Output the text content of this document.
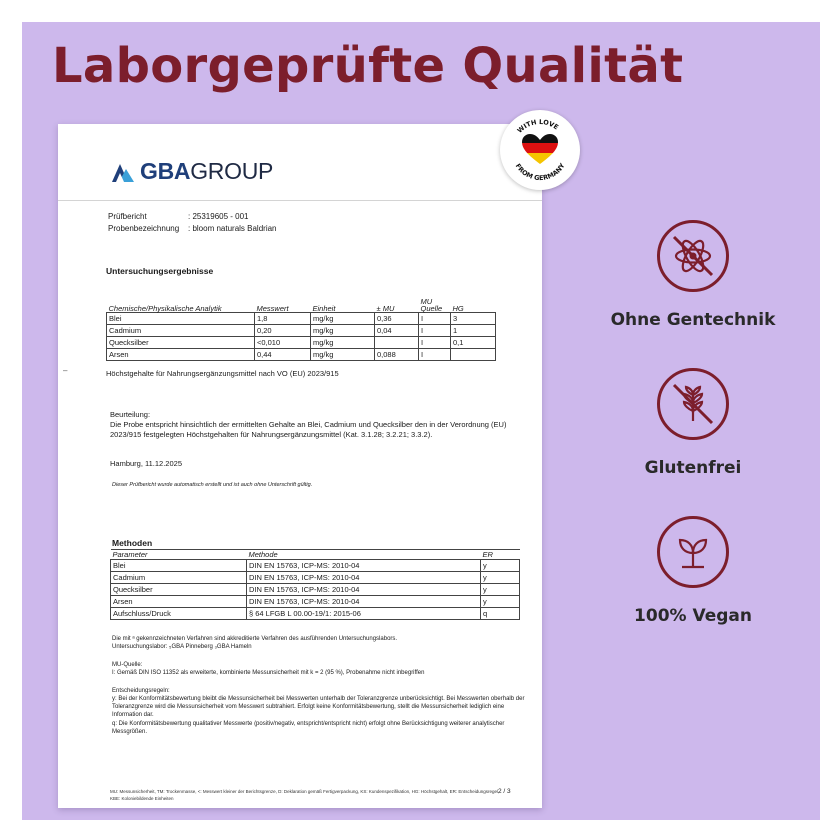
Laborgeprüfte Qualität
GBAGROUP
Prüfbericht	: 25319605 - 001
Probenbezeichnung	: bloom naturals Baldrian
Untersuchungsergebnisse
Chemische/Physikalische Analytik	Messwert	Einheit	± MU	MU Quelle	HG
Blei	1,8	mg/kg	0,36	I	3
Cadmium	0,20	mg/kg	0,04	I	1
Quecksilber	<0,010	mg/kg		I	0,1
Arsen	0,44	mg/kg	0,088	I	
–	Höchstgehalte für Nahrungsergänzungsmittel nach VO (EU) 2023/915
Beurteilung:
Die Probe entspricht hinsichtlich der ermittelten Gehalte an Blei, Cadmium und Quecksilber den in der Verordnung (EU) 2023/915 festgelegten Höchstgehalten für Nahrungsergänzungsmittel (Kat. 3.1.28; 3.2.21; 3.3.2).
Hamburg, 11.12.2025
Dieser Prüfbericht wurde automatisch erstellt und ist auch ohne Unterschrift gültig.
Methoden
Parameter	Methode	ER
Blei	DIN EN 15763, ICP-MS: 2010-04	y
Cadmium	DIN EN 15763, ICP-MS: 2010-04	y
Quecksilber	DIN EN 15763, ICP-MS: 2010-04	y
Arsen	DIN EN 15763, ICP-MS: 2010-04	y
Aufschluss/Druck	§ 64 LFGB L 00.00-19/1: 2015-06	q
Die mit ᵃ gekennzeichneten Verfahren sind akkreditierte Verfahren des ausführenden Untersuchungslabors.
Untersuchungslabor: ₅GBA Pinneberg ₃GBA Hameln
MU-Quelle:
I: Gemäß DIN ISO 11352 als erweiterte, kombinierte Messunsicherheit mit k = 2 (95 %), Probenahme nicht inbegriffen
Entscheidungsregeln:
y: Bei der Konformitätsbewertung bleibt die Messunsicherheit bei Messwerten unterhalb der Toleranzgrenze unberücksichtigt. Bei Messwerten oberhalb der Toleranzgrenze wird die Messunsicherheit vom Messwert subtrahiert. Erfolgt keine Konformitätsbewertung, stellt die Messunsicherheit lediglich eine Information dar.
q: Die Konformitätsbewertung qualitativer Messwerte (positiv/negativ, entspricht/entspricht nicht) erfolgt ohne Berücksichtigung weiterer analytischer Messgrößen.
MU: Messunsicherheit, TM: Trockenmasse, <: Messwert kleiner der Berichtsgrenze, D: Deklaration gemäß Fertigverpackung, KS: Kundenspezifikation, HG: Höchstgehalt, ER: Entscheidungsregel, KBE: Koloniebildende Einheiten
2 / 3
WITH LOVE
FROM GERMANY
Ohne Gentechnik
Glutenfrei
100% Vegan
